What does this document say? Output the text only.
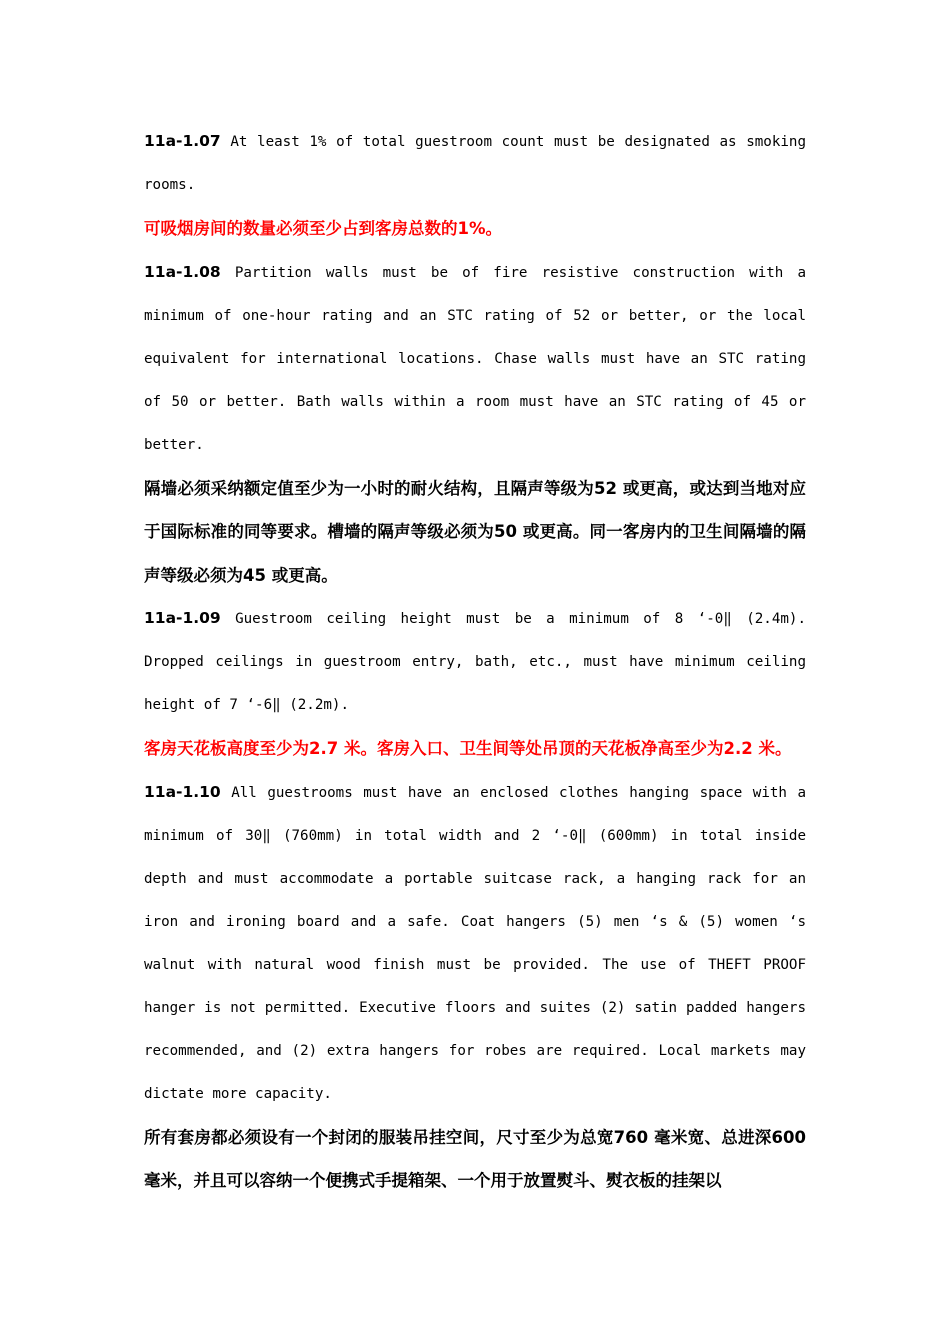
11a-1.07 At least 1% of total guestroom count must be designated as smoking rooms.

可吸烟房间的数量必须至少占到客房总数的1%。

11a-1.08 Partition walls must be of fire resistive construction with a minimum of one-hour rating and an STC rating of 52 or better, or the local equivalent for international locations. Chase walls must have an STC rating of 50 or better. Bath walls within a room must have an STC rating of 45 or better.

隔墙必须采纳额定值至少为一小时的耐火结构，且隔声等级为52 或更高，或达到当地对应于国际标准的同等要求。槽墙的隔声等级必须为50 或更高。同一客房内的卫生间隔墙的隔声等级必须为45 或更高。

11a-1.09 Guestroom ceiling height must be a minimum of 8 ‘-0‖ (2.4m). Dropped ceilings in guestroom entry, bath, etc., must have minimum ceiling height of 7 ‘-6‖ (2.2m).

客房天花板高度至少为2.7 米。客房入口、卫生间等处吊顶的天花板净高至少为2.2 米。

11a-1.10 All guestrooms must have an enclosed clothes hanging space with a minimum of 30‖ (760mm) in total width and 2 ‘-0‖ (600mm) in total inside depth and must accommodate a portable suitcase rack, a hanging rack for an iron and ironing board and a safe. Coat hangers (5) men ‘s & (5) women ‘s walnut with natural wood finish must be provided. The use of THEFT PROOF hanger is not permitted. Executive floors and suites (2) satin padded hangers recommended, and (2) extra hangers for robes are required. Local markets may dictate more capacity.

所有套房都必须设有一个封闭的服装吊挂空间，尺寸至少为总宽760 毫米宽、总进深600 毫米，并且可以容纳一个便携式手提箱架、一个用于放置熨斗、熨衣板的挂架以
